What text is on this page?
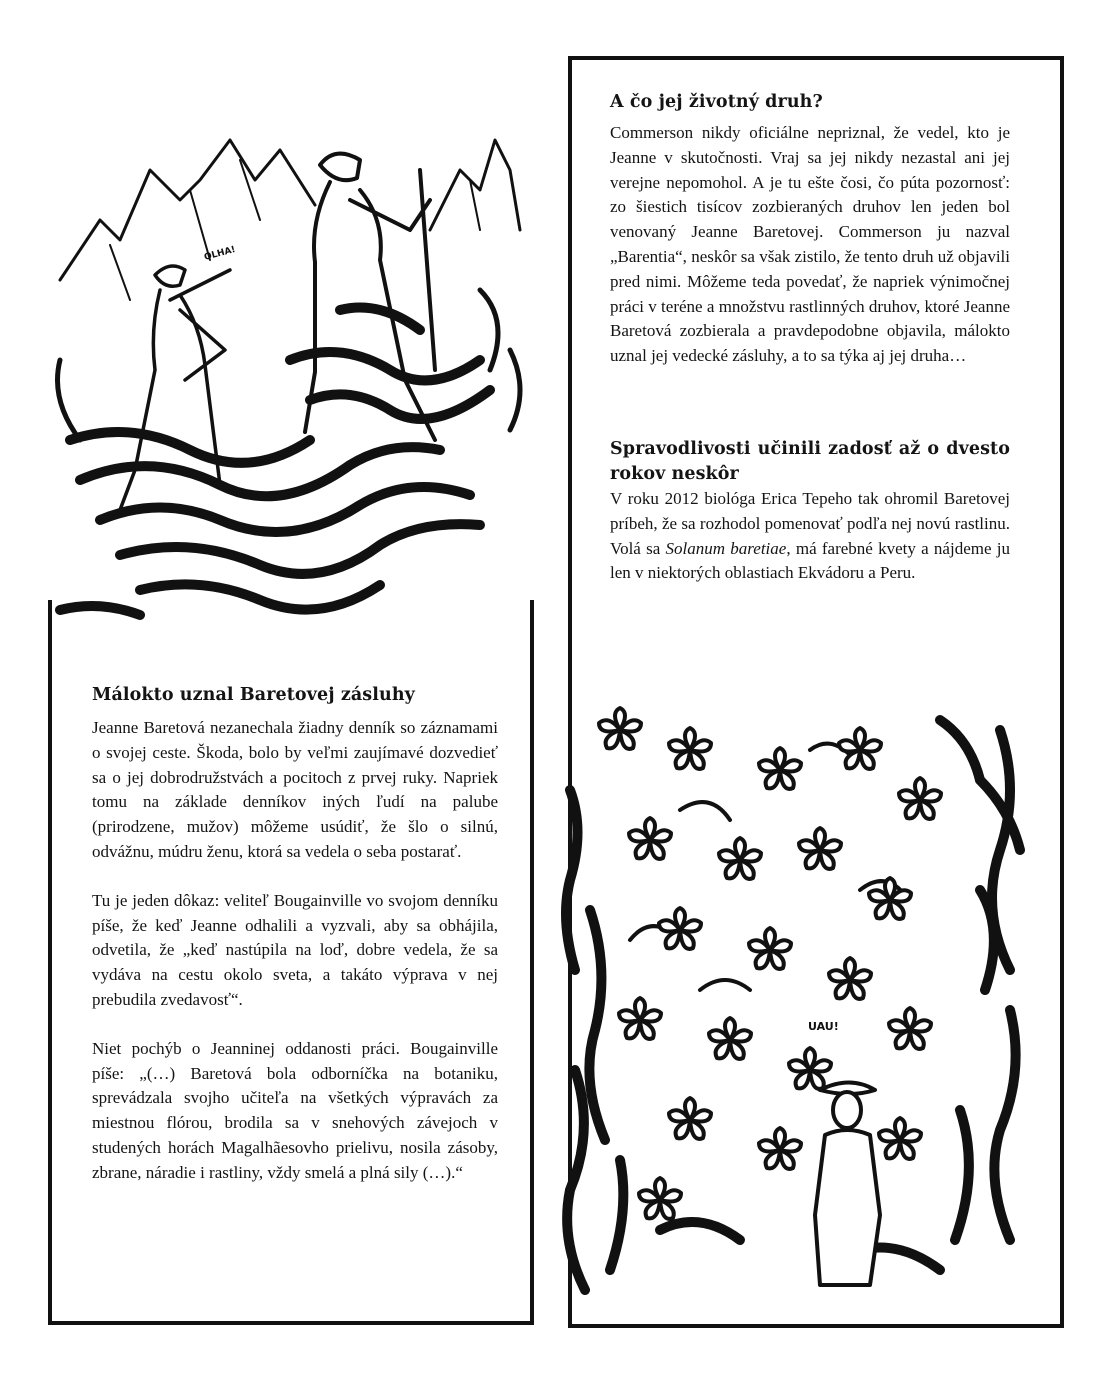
OLHA!
UAU!
A čo jej životný druh?

Commerson nikdy oficiálne nepriznal, že vedel, kto je Jeanne v skutočnosti. Vraj sa jej nikdy nezastal ani jej verejne nepomohol. A je tu ešte čosi, čo púta pozornosť: zo šiestich tisícov zozbieraných druhov len jeden bol venovaný Jeanne Baretovej. Commerson ju nazval „Barentia“, neskôr sa však zistilo, že tento druh už objavili pred nimi. Môžeme teda povedať, že napriek výnimočnej práci v teréne a množstvu rastlinných druhov, ktoré Jeanne Baretová zozbierala a pravdepodobne objavila, málokto uznal jej vedecké zásluhy, a to sa týka aj jej druha…

Spravodlivosti učinili zadosť až o dvesto rokov neskôr

V roku 2012 biológa Erica Tepeho tak ohromil Baretovej príbeh, že sa rozhodol pomenovať podľa nej novú rastlinu. Volá sa Solanum baretiae, má farebné kvety a nájdeme ju len v niektorých oblastiach Ekvádoru a Peru.

Málokto uznal Baretovej zásluhy

Jeanne Baretová nezanechala žiadny denník so záznamami o svojej ceste. Škoda, bolo by veľmi zaujímavé dozvedieť sa o jej dobrodružstvách a pocitoch z prvej ruky. Napriek tomu na základe denníkov iných ľudí na palube (prirodzene, mužov) môžeme usúdiť, že šlo o silnú, odvážnu, múdru ženu, ktorá sa vedela o seba postarať.

Tu je jeden dôkaz: veliteľ Bougainville vo svojom denníku píše, že keď Jeanne odhalili a vyzvali, aby sa obhájila, odvetila, že „keď nastúpila na loď, dobre vedela, že sa vydáva na cestu okolo sveta, a takáto výprava v nej prebudila zvedavosť“.

Niet pochýb o Jeanninej oddanosti práci. Bougainville píše: „(…) Baretová bola odborníčka na botaniku, sprevádzala svojho učiteľa na všetkých výpravách za miestnou flórou, brodila sa v snehových závejoch v studených horách Magalhãesovho prielivu, nosila zásoby, zbrane, náradie i rastliny, vždy smelá a plná sily (…).“
